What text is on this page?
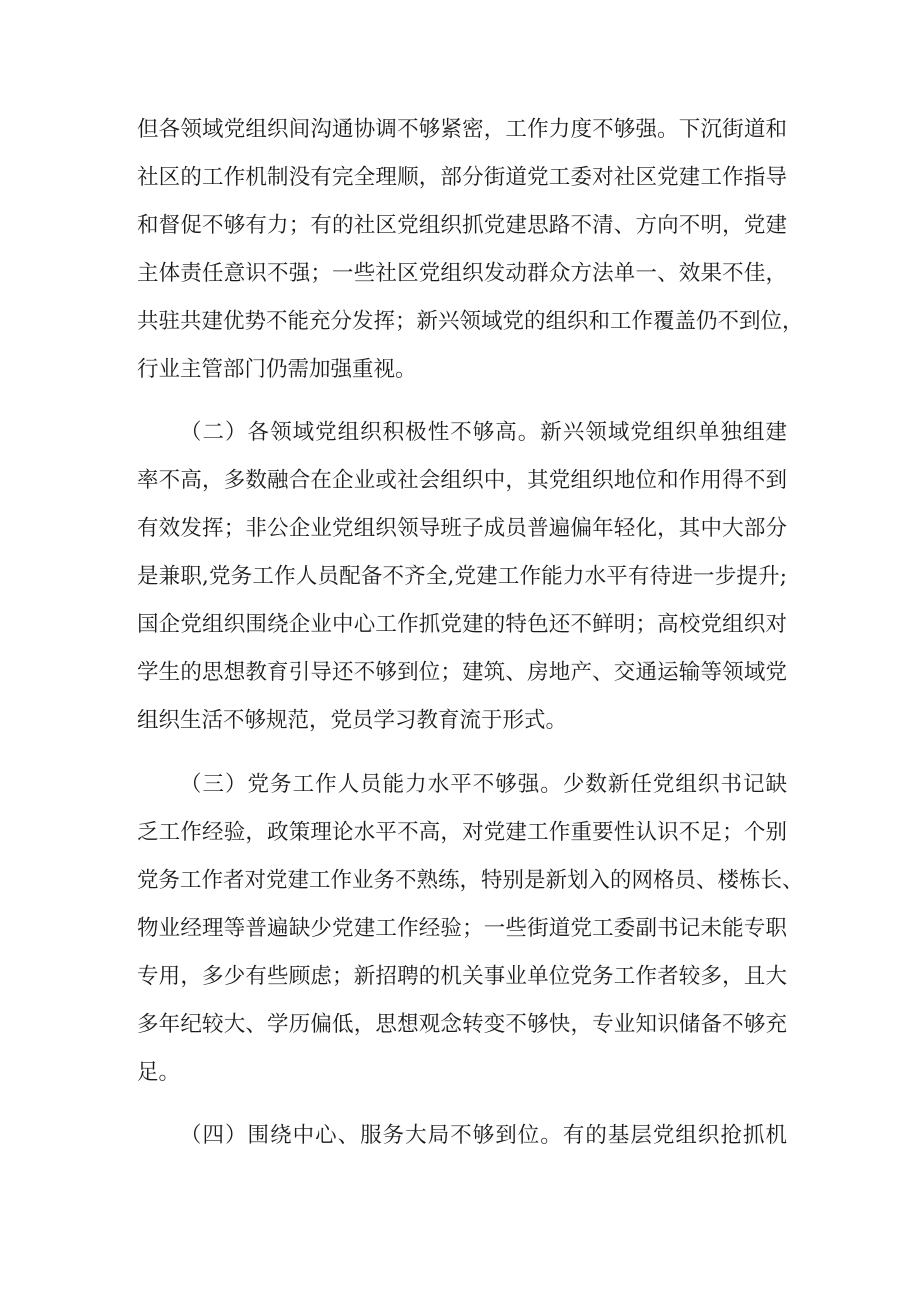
但各领域党组织间沟通协调不够紧密，工作力度不够强。下沉街道和
社区的工作机制没有完全理顺，部分街道党工委对社区党建工作指导
和督促不够有力；有的社区党组织抓党建思路不清、方向不明，党建
主体责任意识不强；一些社区党组织发动群众方法单一、效果不佳，
共驻共建优势不能充分发挥；新兴领域党的组织和工作覆盖仍不到位，
行业主管部门仍需加强重视。
（二）各领域党组织积极性不够高。新兴领域党组织单独组建
率不高，多数融合在企业或社会组织中，其党组织地位和作用得不到
有效发挥；非公企业党组织领导班子成员普遍偏年轻化，其中大部分
是兼职,党务工作人员配备不齐全,党建工作能力水平有待进一步提升;
国企党组织围绕企业中心工作抓党建的特色还不鲜明；高校党组织对
学生的思想教育引导还不够到位；建筑、房地产、交通运输等领域党
组织生活不够规范，党员学习教育流于形式。
（三）党务工作人员能力水平不够强。少数新任党组织书记缺
乏工作经验，政策理论水平不高，对党建工作重要性认识不足；个别
党务工作者对党建工作业务不熟练，特别是新划入的网格员、楼栋长、
物业经理等普遍缺少党建工作经验；一些街道党工委副书记未能专职
专用，多少有些顾虑；新招聘的机关事业单位党务工作者较多，且大
多年纪较大、学历偏低，思想观念转变不够快，专业知识储备不够充
足。
（四）围绕中心、服务大局不够到位。有的基层党组织抢抓机
